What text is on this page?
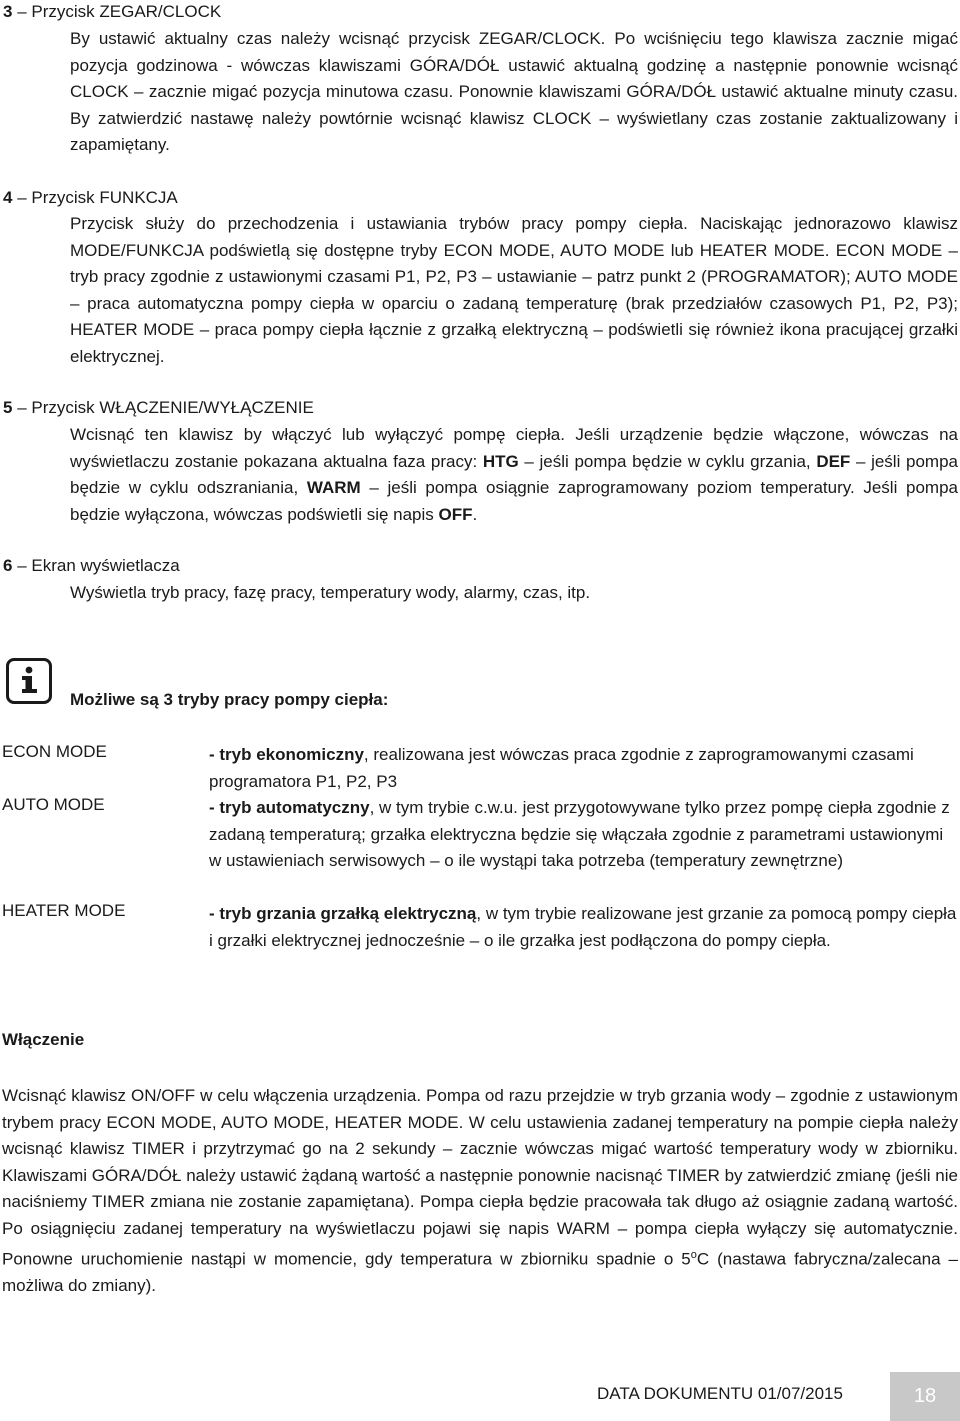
3 – Przycisk ZEGAR/CLOCK

By ustawić aktualny czas należy wcisnąć przycisk ZEGAR/CLOCK. Po wciśnięciu tego klawisza zacznie migać pozycja godzinowa - wówczas klawiszami GÓRA/DÓŁ ustawić aktualną godzinę a następnie ponownie wcisnąć CLOCK – zacznie migać pozycja minutowa czasu. Ponownie klawiszami GÓRA/DÓŁ ustawić aktualne minuty czasu. By zatwierdzić nastawę należy powtórnie wcisnąć klawisz CLOCK – wyświetlany czas zostanie zaktualizowany i zapamiętany.

4 – Przycisk FUNKCJA

Przycisk służy do przechodzenia i ustawiania trybów pracy pompy ciepła. Naciskając jednorazowo klawisz MODE/FUNKCJA podświetlą się dostępne tryby ECON MODE, AUTO MODE lub HEATER MODE. ECON MODE – tryb pracy zgodnie z ustawionymi czasami P1, P2, P3 – ustawianie – patrz punkt 2 (PROGRAMATOR); AUTO MODE – praca automatyczna pompy ciepła w oparciu o zadaną temperaturę (brak przedziałów czasowych P1, P2, P3); HEATER MODE – praca pompy ciepła łącznie z grzałką elektryczną – podświetli się również ikona pracującej grzałki elektrycznej.

5 – Przycisk WŁĄCZENIE/WYŁĄCZENIE

Wcisnąć ten klawisz by włączyć lub wyłączyć pompę ciepła. Jeśli urządzenie będzie włączone, wówczas na wyświetlaczu zostanie pokazana aktualna faza pracy: HTG – jeśli pompa będzie w cyklu grzania, DEF – jeśli pompa będzie w cyklu odszraniania, WARM – jeśli pompa osiągnie zaprogramowany poziom temperatury. Jeśli pompa będzie wyłączona, wówczas podświetli się napis OFF.

6 – Ekran wyświetlacza

Wyświetla tryb pracy, fazę pracy, temperatury wody, alarmy, czas, itp.

Możliwe są 3 tryby pracy pompy ciepła:
ECON MODE	- tryb ekonomiczny, realizowana jest wówczas praca zgodnie z zaprogramowanymi czasami programatora P1, P2, P3

AUTO MODE	- tryb automatyczny, w tym trybie c.w.u. jest przygotowywane tylko przez pompę ciepła zgodnie z zadaną temperaturą; grzałka elektryczna będzie się włączała zgodnie z parametrami ustawionymi w ustawieniach serwisowych – o ile wystąpi taka potrzeba (temperatury zewnętrzne)

HEATER MODE	- tryb grzania grzałką elektryczną, w tym trybie realizowane jest grzanie za pomocą pompy ciepła i grzałki elektrycznej jednocześnie – o ile grzałka jest podłączona do pompy ciepła.

Włączenie

Wcisnąć klawisz ON/OFF w celu włączenia urządzenia. Pompa od razu przejdzie w tryb grzania wody – zgodnie z ustawionym trybem pracy ECON MODE, AUTO MODE, HEATER MODE. W celu ustawienia zadanej temperatury na pompie ciepła należy wcisnąć klawisz TIMER i przytrzymać go na 2 sekundy – zacznie wówczas migać wartość temperatury wody w zbiorniku. Klawiszami GÓRA/DÓŁ należy ustawić żądaną wartość a następnie ponownie nacisnąć TIMER by zatwierdzić zmianę (jeśli nie naciśniemy TIMER zmiana nie zostanie zapamiętana). Pompa ciepła będzie pracowała tak długo aż osiągnie zadaną wartość. Po osiągnięciu zadanej temperatury na wyświetlaczu pojawi się napis WARM – pompa ciepła wyłączy się automatycznie. Ponowne uruchomienie nastąpi w momencie, gdy temperatura w zbiorniku spadnie o 5$^o$C (nastawa fabryczna/zalecana – możliwa do zmiany).

DATA DOKUMENTU 01/07/2015	18
